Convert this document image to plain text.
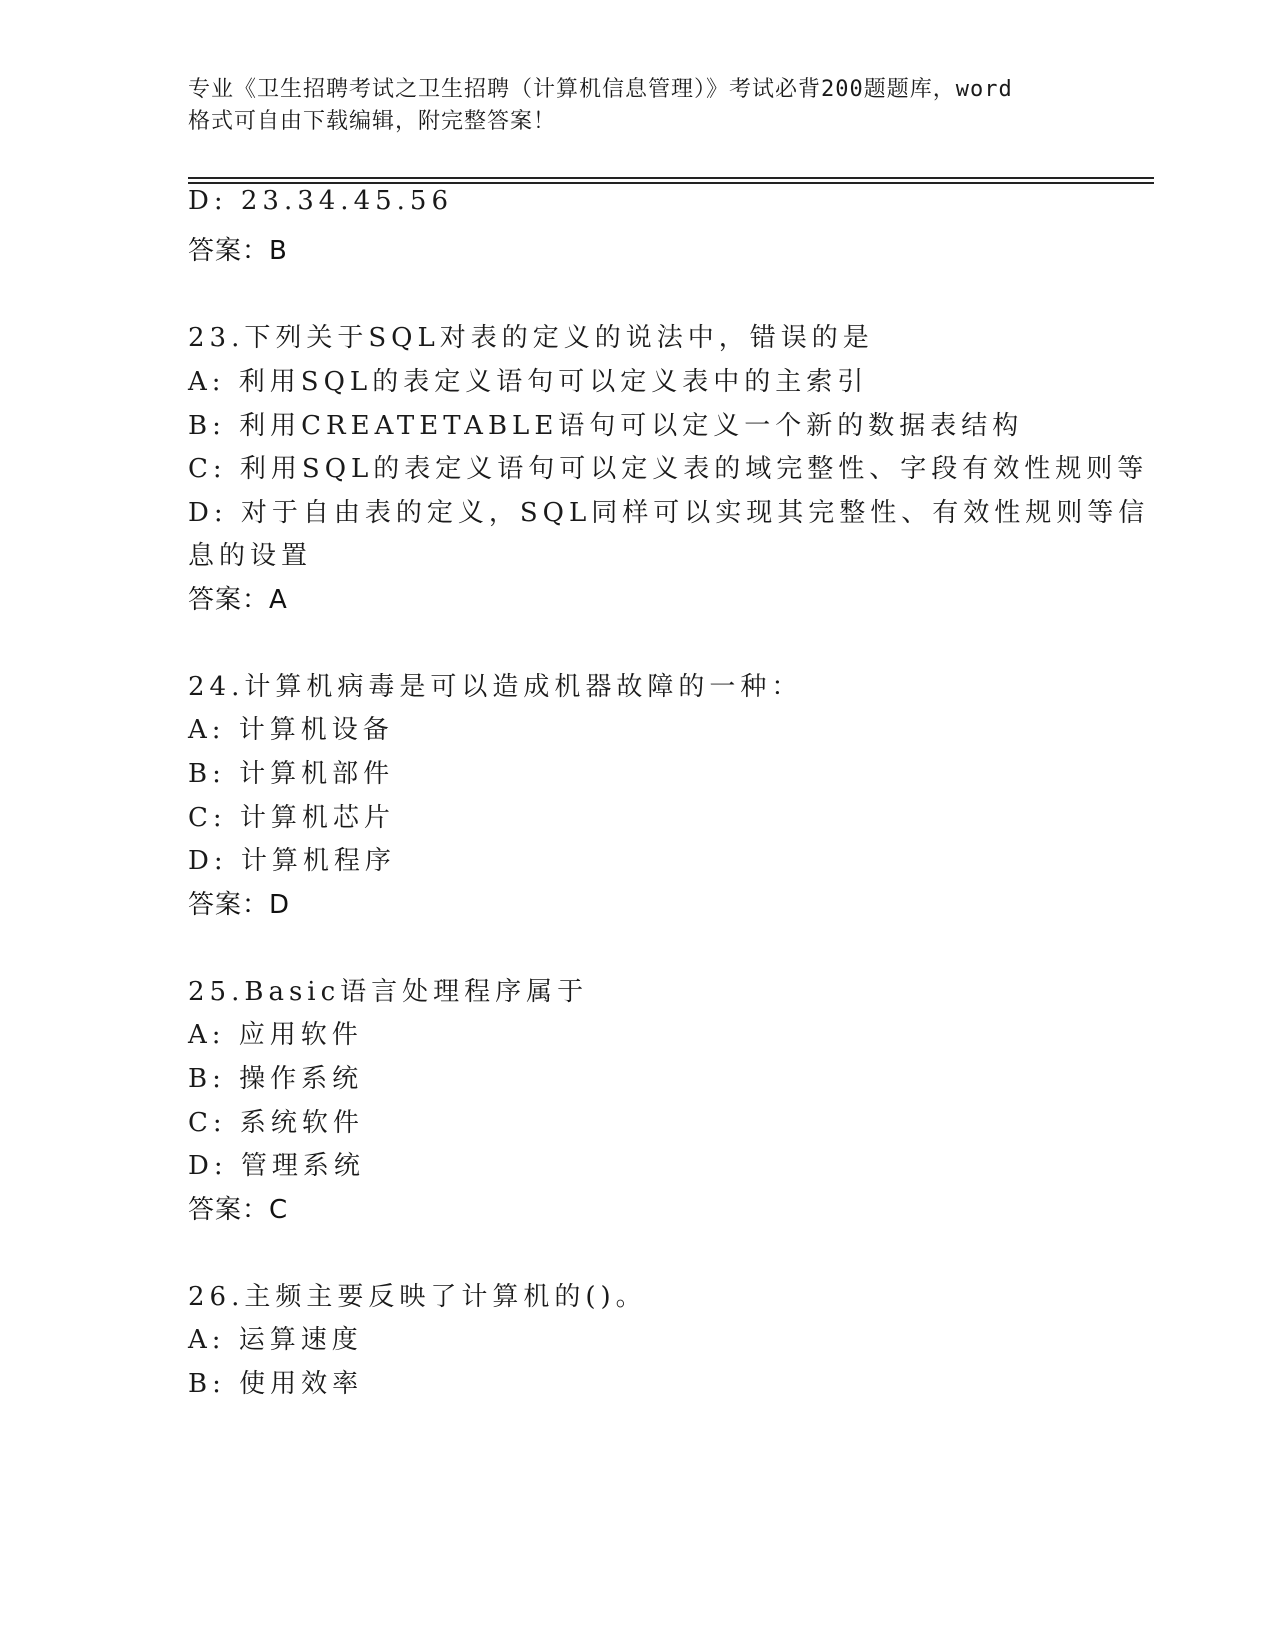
专业《卫生招聘考试之卫生招聘（计算机信息管理）》考试必背200题题库，word
格式可自由下载编辑，附完整答案！
D: 23.34.45.56
答案：B
23.下列关于SQL对表的定义的说法中，错误的是
A: 利用SQL的表定义语句可以定义表中的主索引
B: 利用CREATETABLE语句可以定义一个新的数据表结构
C: 利用SQL的表定义语句可以定义表的域完整性、字段有效性规则等
D: 对于自由表的定义，SQL同样可以实现其完整性、有效性规则等信
息的设置
答案：A
24.计算机病毒是可以造成机器故障的一种：
A: 计算机设备
B: 计算机部件
C: 计算机芯片
D: 计算机程序
答案：D
25.Basic语言处理程序属于
A: 应用软件
B: 操作系统
C: 系统软件
D: 管理系统
答案：C
26.主频主要反映了计算机的()。
A: 运算速度
B: 使用效率
